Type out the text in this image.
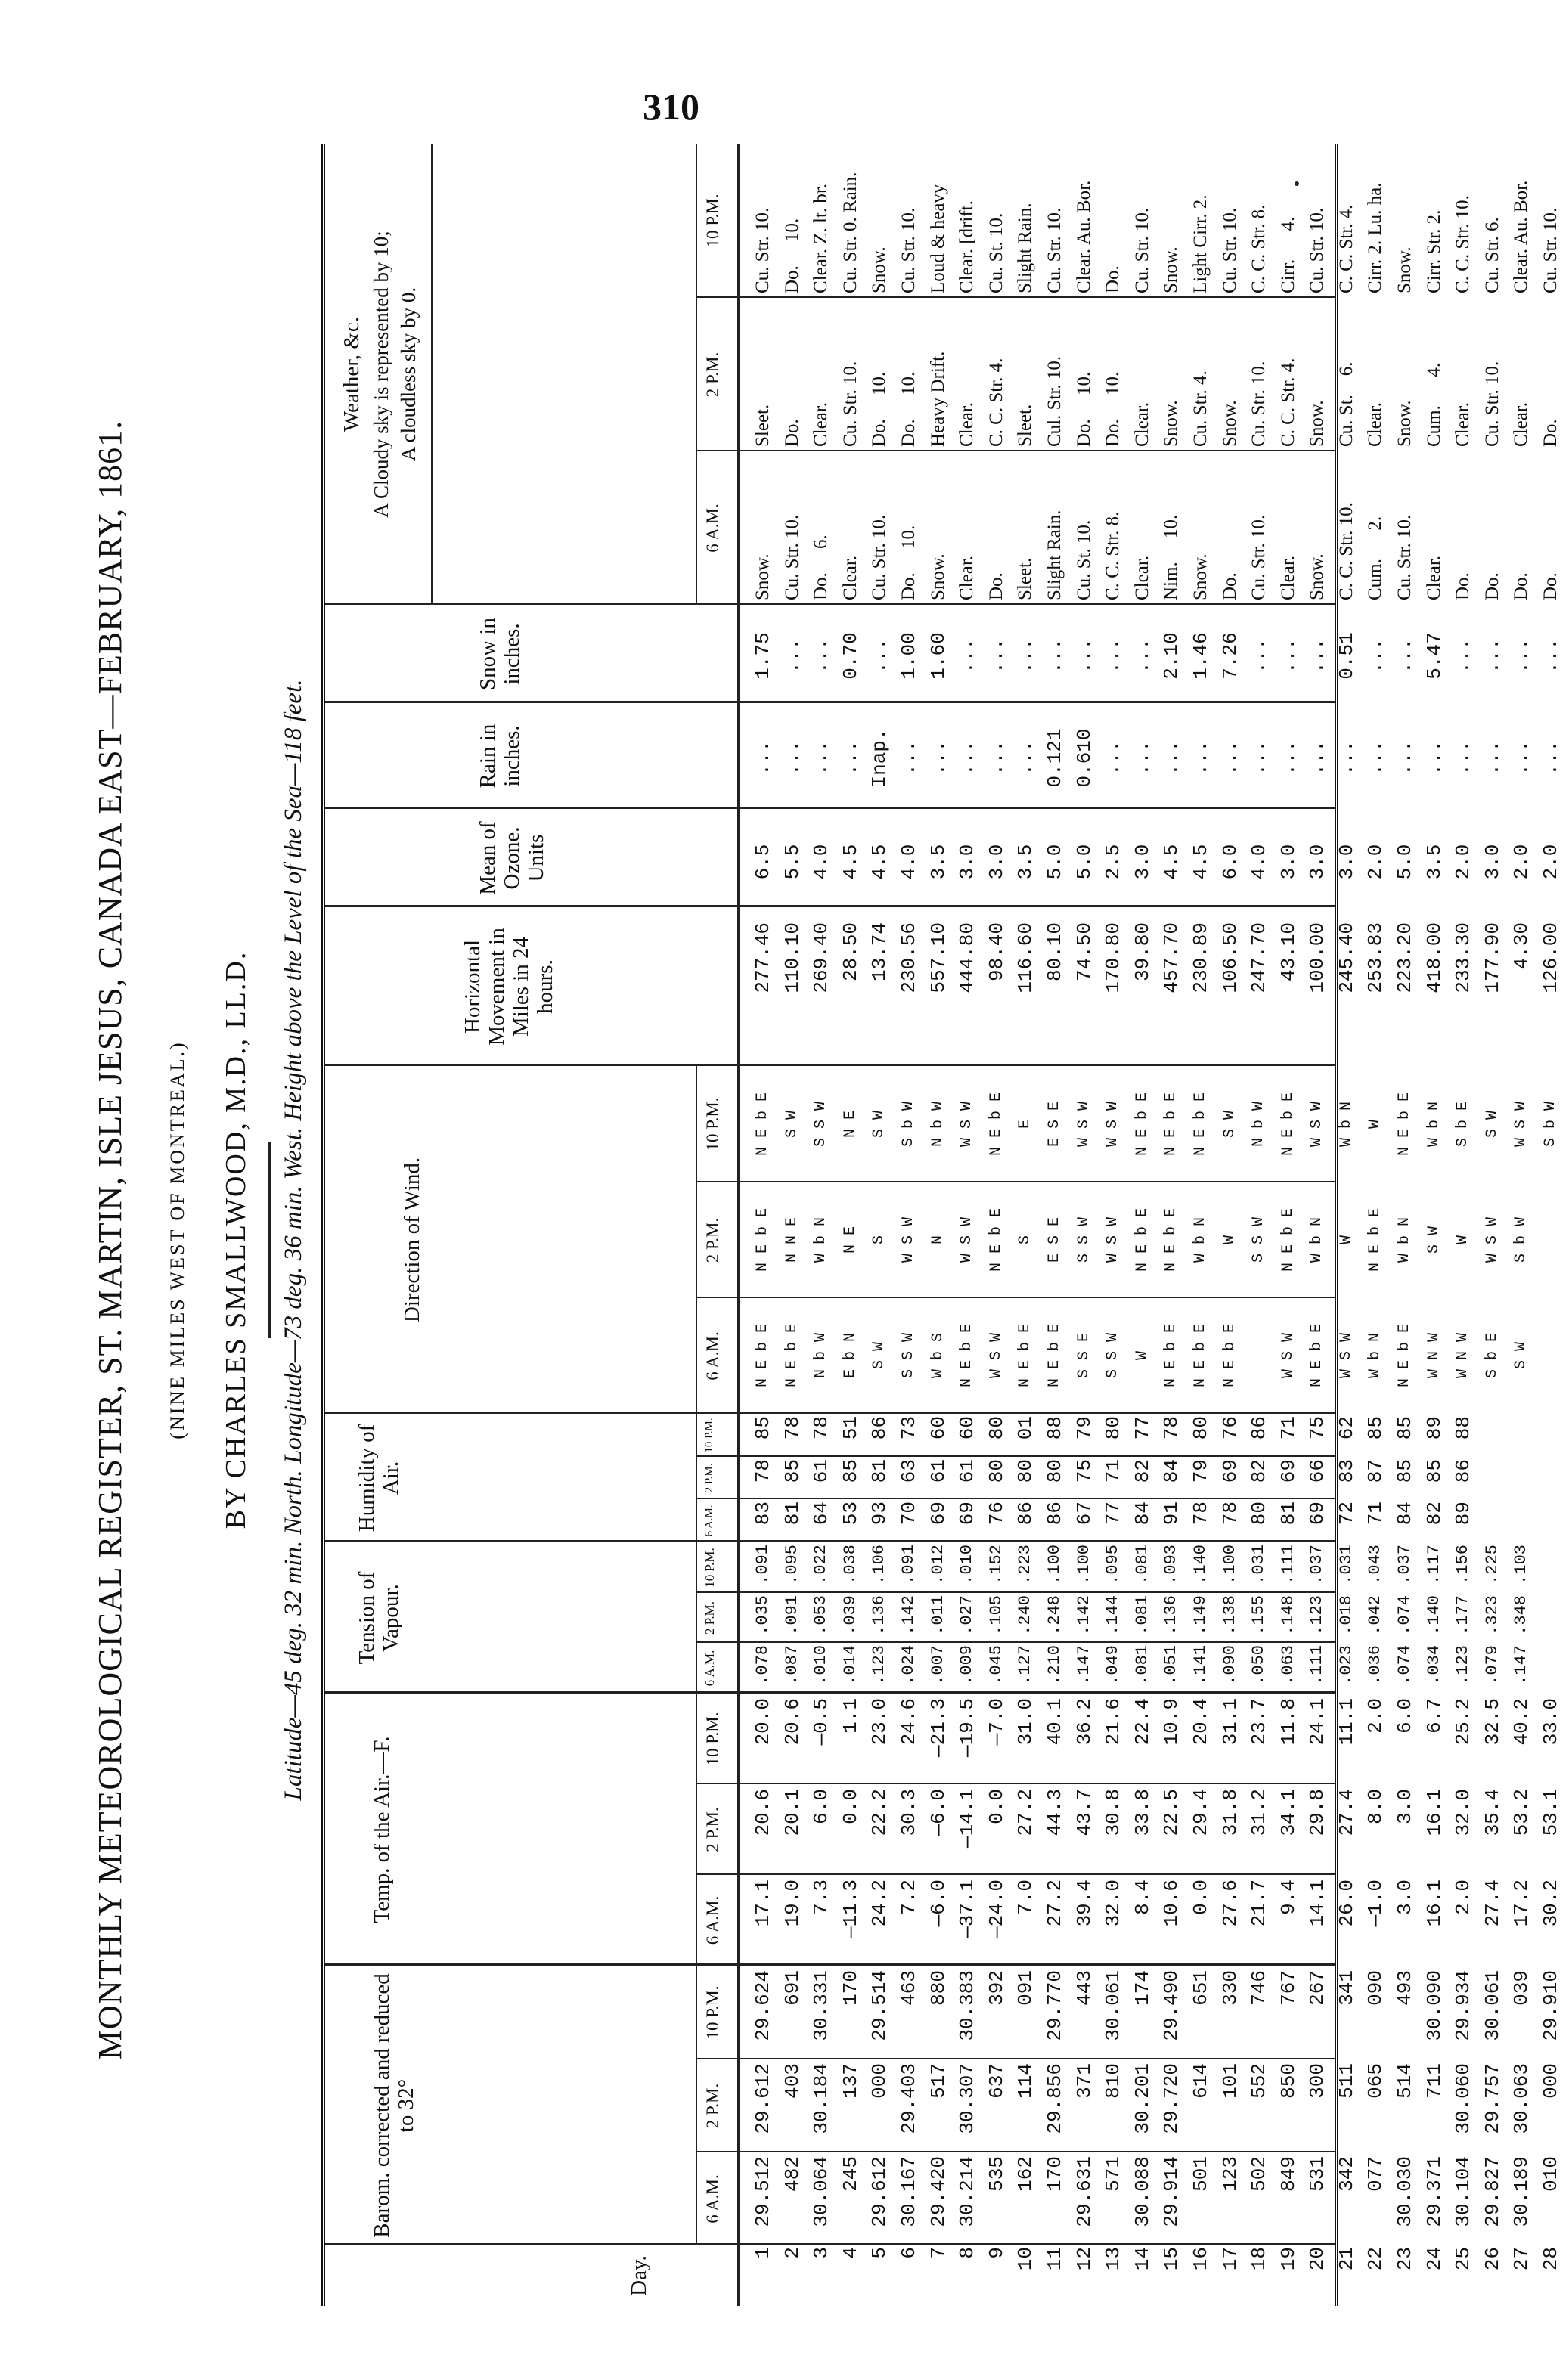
310
MONTHLY METEOROLOGICAL REGISTER, ST. MARTIN, ISLE JESUS, CANADA EAST—FEBRUARY, 1861. (NINE MILES WEST OF MONTREAL.) BY CHARLES SMALLWOOD, M.D., LL.D. Latitude—45 deg. 32 min. North. Longitude—73 deg. 36 min. West. Height above the Level of the Sea—118 feet.
Day.
Barom. corrected and reduced to 32°
Temp. of the Air.—F.
Tension of Vapour.
Humidity of Air.
Direction of Wind.
Horizontal Movement in Miles in 24 hours.
Mean of Ozone. Units
Rain in inches.
Snow in inches.
Weather, &c. A Cloudy sky is represented by 10; A cloudless sky by 0.
6 A.M.
2 P.M.
10 P.M.
6 A.M.
2 P.M.
10 P.M.
6 A.M.
2 P.M.
10 P.M.
6 A.M.
2 P.M.
10 P.M.
6 A.M.
2 P.M.
10 P.M.
6 A.M.
2 P.M.
10 P.M.
1 2 3 4 5 6 7 8 9 10 11 12 13 14 15 16 17 18 19 20 21 22 23 24 25 26 27 28
29.512 482 30.064 245 29.612 30.167 29.420 30.214 535 162 170 29.631 571 30.088 29.914 501 123 502 849 531 342 077 30.030 29.371 30.104 29.827 30.189 010
29.612 403 30.184 137 000 29.403 517 30.307 637 114 29.856 371 810 30.201 29.720 614 101 552 850 300 511 065 514 711 30.060 29.757 30.063 000
29.624 691 30.331 170 29.514 463 880 30.383 392 091 29.770 443 30.061 174 29.490 651 330 746 767 267 341 090 493 30.090 29.934 30.061 039 29.910
17.1 19.0 7.3 —11.3 24.2 7.2 —6.0 —37.1 —24.0 7.0 27.2 39.4 32.0 8.4 10.6 0.0 27.6 21.7 9.4 14.1 26.0 —1.0 3.0 16.1 2.0 27.4 17.2 30.2
20.6 20.1 6.0 0.0 22.2 30.3 —6.0 —14.1 0.0 27.2 44.3 43.7 30.8 33.8 22.5 29.4 31.8 31.2 34.1 29.8 27.4 8.0 3.0 16.1 32.0 35.4 53.2 53.1
20.0 20.6 —0.5 1.1 23.0 24.6 —21.3 —19.5 —7.0 31.0 40.1 36.2 21.6 22.4 10.9 20.4 31.1 23.7 11.8 24.1 11.1 2.0 6.0 6.7 25.2 32.5 40.2 33.0
.078 .087 .010 .014 .123 .024 .007 .009 .045 .127 .210 .147 .049 .081 .051 .141 .090 .050 .063 .111 .023 .036 .074 .034 .123 .079 .147
.035 .091 .053 .039 .136 .142 .011 .027 .105 .240 .248 .142 .144 .081 .136 .149 .138 .155 .148 .123 .018 .042 .074 .140 .177 .323 .348
.091 .095 .022 .038 .106 .091 .012 .010 .152 .223 .100 .100 .095 .081 .093 .140 .100 .031 .111 .037 .031 .043 .037 .117 .156 .225 .103
83 81 64 53 93 70 69 69 76 86 86 67 77 84 91 78 78 80 81 69 72 71 84 82 89
78 85 61 85 81 63 61 61 80 80 80 75 71 82 84 79 69 82 69 66 83 87 85 85 86
85 78 78 51 86 73 60 60 80 01 88 79 80 77 78 80 76 86 71 75 62 85 85 89 88
N E b E N E b E N b W E b N S W S S W W b S N E b E W S W N E b E N E b E S S E S S W W N E b E N E b E N E b E	W S W N E b E W S W W b N N E b E W N W W N W S b E S W
N E b E N N E W b N N E S W S W N W S W N E b E S E S E S S W W S W N E b E N E b E W b N W S S W N E b E W b N W N E b E W b N S W W W S W S b W
N E b E S W S S W N E S W S b W N b W W S W N E b E E E S E W S W W S W N E b E N E b E N E b E S W N b W N E b E W S W W b N W N E b E W b N S b E S W W S W S b W
277.46 110.10 269.40 28.50 13.74 230.56 557.10 444.80 98.40 116.60 80.10 74.50 170.80 39.80 457.70 230.89 106.50 247.70 43.10 100.00 245.40 253.83 223.20 418.00 233.30 177.90 4.30 126.00
6.5 5.5 4.0 4.5 4.5 4.0 3.5 3.0 3.0 3.5 5.0 5.0 2.5 3.0 4.5 4.5 6.0 4.0 3.0 3.0 3.0 2.0 5.0 3.5 2.0 3.0 2.0 2.0
... ... ... ... Inap. ... ... ... ... ... 0.121 0.610 ... ... ... ... ... ... ... ... ... ... ... ... ... ... ... ...
1.75 ... ... 0.70 ... 1.00 1.60 ... ... ... ... ... ... ... 2.10 1.46 7.26 ... ... ... 0.51 ... ... 5.47 ... ... ... ...
Snow. Cu. Str. 10. Do.     6. Clear. Cu. Str. 10. Do.     10. Snow. Clear. Do. Sleet. Slight Rain. Cu. St. 10. C. C. Str. 8. Clear. Nim.     10. Snow. Do. Cu. Str. 10. Clear. Snow. C. C. Str. 10. Cum.      2. Cu. Str. 10. Clear. Do. Do. Do. Do.
Sleet. Do. Clear. Cu. Str. 10. Do.     10. Do.     10. Heavy Drift. Clear. C. C. Str. 4. Sleet. Cul. Str. 10. Do.     10. Do.     10. Clear. Snow. Cu. Str. 4. Snow. Cu. Str. 10. C. C. Str. 4. Snow. Cu. St.    6. Clear. Snow. Cum.      4. Clear. Cu. Str. 10. Clear. Do.
Cu. Str. 10. Do.     10. Clear. Z. lt. br. Cu. Str. 0. Rain. Snow. Cu. Str. 10. Loud & heavy Clear. [drift. Cu. St. 10. Slight Rain. Cu. Str. 10. Clear. Au. Bor. Do. Cu. Str. 10. Snow. Light Cirr. 2. Cu. Str. 10. C. C. Str. 8. Cirr.      4. Cu. Str. 10. C. C. Str. 4. Cirr. 2. Lu. ha. Snow. Cirr. Str. 2. C. C. Str. 10. Cu. Str. 6. Clear. Au. Bor. Cu. Str. 10.
